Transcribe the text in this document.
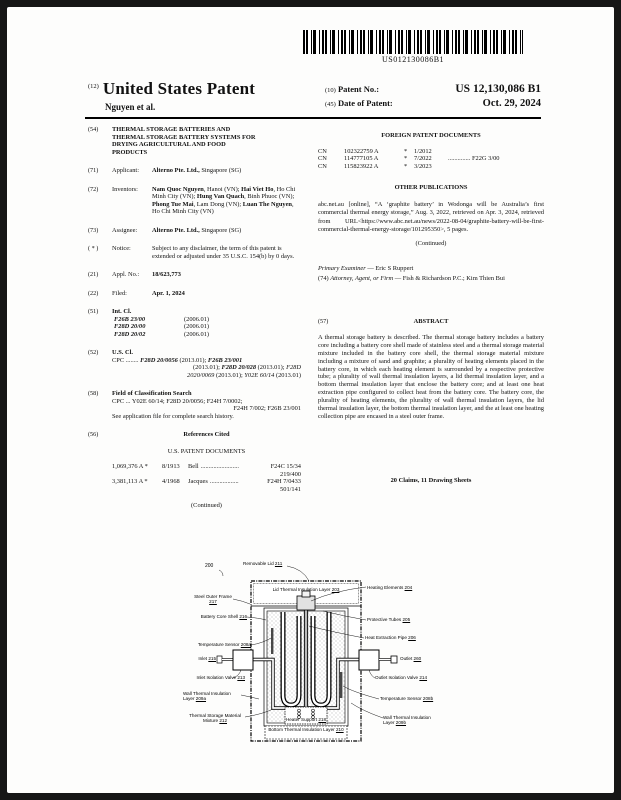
US012130086B1
$^{(12)}$ United States Patent
Nguyen et al.
(10) Patent No.:	US 12,130,086 B1
(45) Date of Patent:	Oct. 29, 2024
(54)	THERMAL STORAGE BATTERIES AND THERMAL STORAGE BATTERY SYSTEMS FOR DRYING AGRICULTURAL AND FOOD PRODUCTS
(71)	Applicant: Alterno Pte. Ltd., Singapore (SG)
(72)	Inventors: Nam Quoc Nguyen, Hanoi (VN); Hai Viet Ho, Ho Chi Minh City (VN); Hung Van Quach, Binh Phuoc (VN); Phong Tue Mai, Lam Dong (VN); Luan The Nguyen, Ho Chi Minh City (VN)
(73)	Assignee: Alterno Pte. Ltd., Singapore (SG)
( * )	Notice:	Subject to any disclaimer, the term of this patent is extended or adjusted under 35 U.S.C. 154(b) by 0 days.
(21)	Appl. No.: 18/623,773
(22)	Filed:	Apr. 1, 2024
(51)	Int. Cl.
F26B 23/00	(2006.01)
F28D 20/00	(2006.01)
F28D 20/02	(2006.01)
(52)	U.S. Cl.
CPC ........ F28D 20/0056 (2013.01); F26B 23/001
(2013.01); F28D 20/028 (2013.01); F28D
2020/0069 (2013.01); Y02E 60/14 (2013.01)
(58)	Field of Classification Search
CPC ... Y02E 60/14; F28D 20/0056; F24H 7/0002;
F24H 7/002; F26B 23/001
See application file for complete search history.
(56)	References Cited
U.S. PATENT DOCUMENTS
1,069,376 A *	8/1913	Bell ........................	F24C 15/34
219/400
3,381,113 A *	4/1968	Jacques ..................	F24H 7/0433
501/141
(Continued)
FOREIGN PATENT DOCUMENTS
CN	102322759 A	*	1/2012
CN	114777105 A	*	7/2022	.............. F22G 3/00
CN	115823922 A	*	3/2023
OTHER PUBLICATIONS
abc.net.au [online], “A ‘graphite battery’ in Wodonga will be Australia’s first commercial thermal energy storage,” Aug. 3, 2022, retrieved on Apr. 3, 2024, retrieved from URL<https://www.abc.net.au/news/2022-08-04/graphite-battery-will-be-first-commercial-thermal-energy-storage/101295350>, 5 pages.
(Continued)
Primary Examiner — Eric S Ruppert
(74) Attorney, Agent, or Firm — Fish & Richardson P.C.; Kim Thien Bui
(57)	ABSTRACT
A thermal storage battery is described. The thermal storage battery includes a battery core including a battery core shell made of stainless steel and a thermal storage material mixture included in the battery core shell, the thermal storage material mixture including a mixture of sand and graphite; a plurality of heating elements placed in the battery core, in which each heating element is surrounded by a respective protective tube; a plurality of wall thermal insulation layers, a lid thermal insulation layer, and a bottom thermal insulation layer that enclose the battery core; and at least one heat extraction pipe configured to collect heat from the battery core. The battery core, the plurality of heating elements, the plurality of wall thermal insulation layers, the lid thermal insulation layer, the bottom thermal insulation layer, and the at least one heating collection pipe are encased in a steel outer frame.
20 Claims, 11 Drawing Sheets
200	Removable Lid 211
Lid Thermal Insulation Layer 203	Heating Elements 204
Steel Outer Frame 217
Battery Core Shell 216
Protective Tubes 205
Heat Extraction Pipe 206
Temperature Sensor 208a
Inlet 215	Outlet 260
Inlet Isolation Valve 213	Outlet Isolation Valve 214
Wall Thermal Insulation Layer 209a	Temperature Sensor 208b
Thermal Storage Material Mixture 212
Wall Thermal Insulation Layer 209b
Heater Support 218
Bottom Thermal Insulation Layer 210
